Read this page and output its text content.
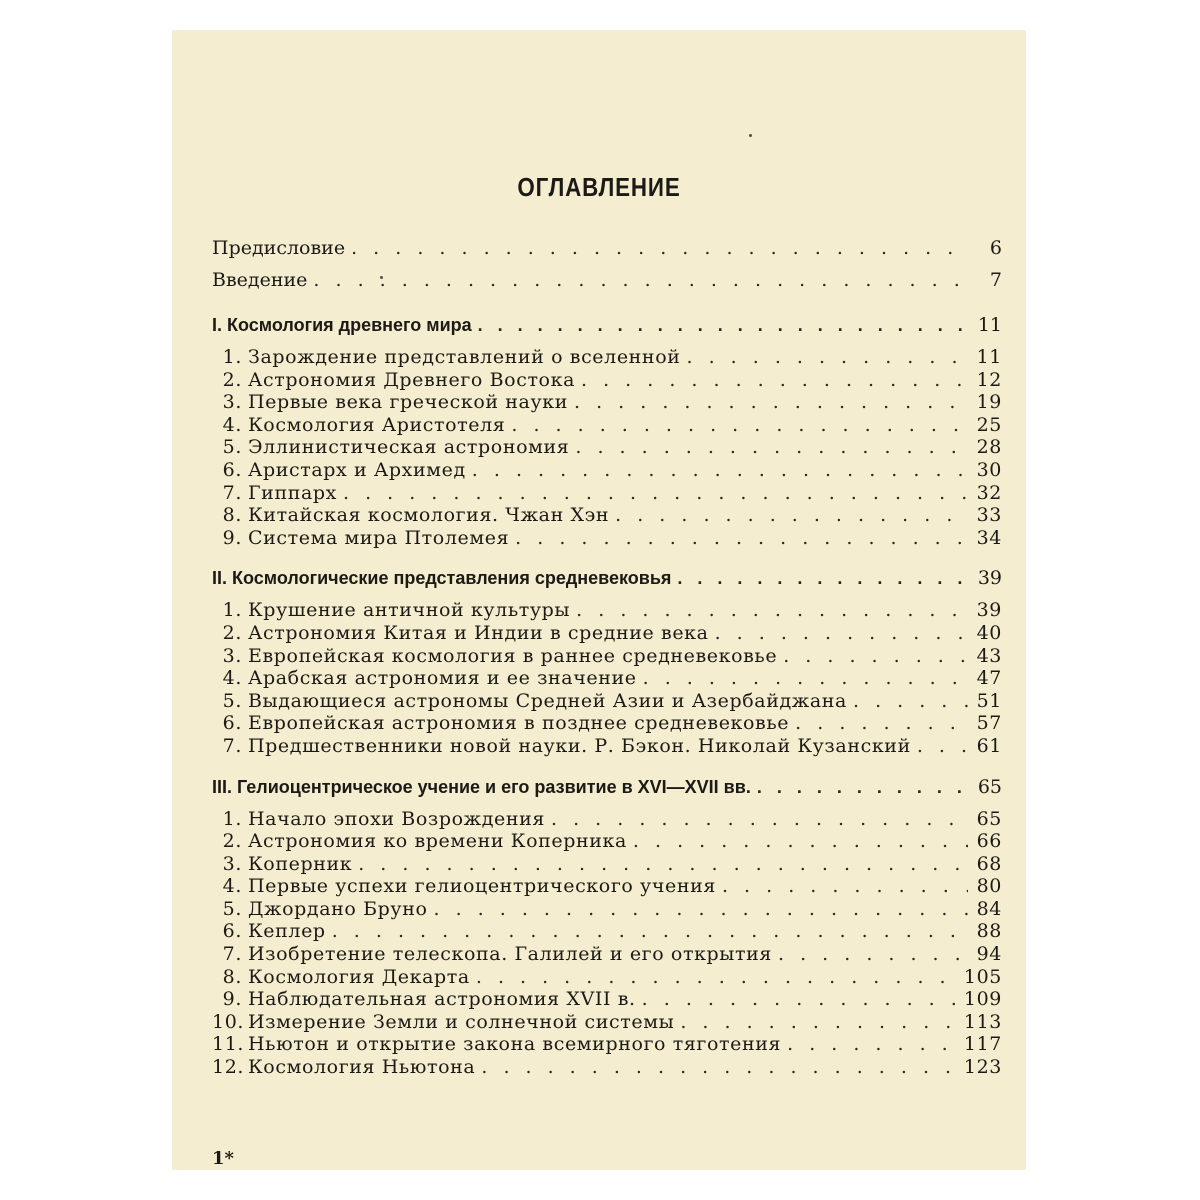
ОГЛАВЛЕНИЕ
Предисловие . . .	6
Введение . . .	7
I. Космология древнего мира . . .	11
1. Зарождение представлений о вселенной . . .	11
2. Астрономия Древнего Востока . . .	12
3. Первые века греческой науки . . .	19
4. Космология Аристотеля . . .	25
5. Эллинистическая астрономия . . .	28
6. Аристарх и Архимед . . .	30
7. Гиппарх . . .	32
8. Китайская космология. Чжан Хэн . . .	33
9. Система мира Птолемея . . .	34
II. Космологические представления средневековья . . .	39
1. Крушение античной культуры . . .	39
2. Астрономия Китая и Индии в средние века . . .	40
3. Европейская космология в раннее средневековье . . .	43
4. Арабская астрономия и ее значение . . .	47
5. Выдающиеся астрономы Средней Азии и Азербайджана . . .	51
6. Европейская астрономия в позднее средневековье . . .	57
7. Предшественники новой науки. Р. Бэкон. Николай Кузанский . . .	61
III. Гелиоцентрическое учение и его развитие в XVI—XVII вв. . . .	65
1. Начало эпохи Возрождения . . .	65
2. Астрономия ко времени Коперника . . .	66
3. Коперник . . .	68
4. Первые успехи гелиоцентрического учения . . .	80
5. Джордано Бруно . . .	84
6. Кеплер . . .	88
7. Изобретение телескопа. Галилей и его открытия . . .	94
8. Космология Декарта . . .	105
9. Наблюдательная астрономия XVII в. . . .	109
10. Измерение Земли и солнечной системы . . .	113
11. Ньютон и открытие закона всемирного тяготения . . .	117
12. Космология Ньютона . . .	123
1*
